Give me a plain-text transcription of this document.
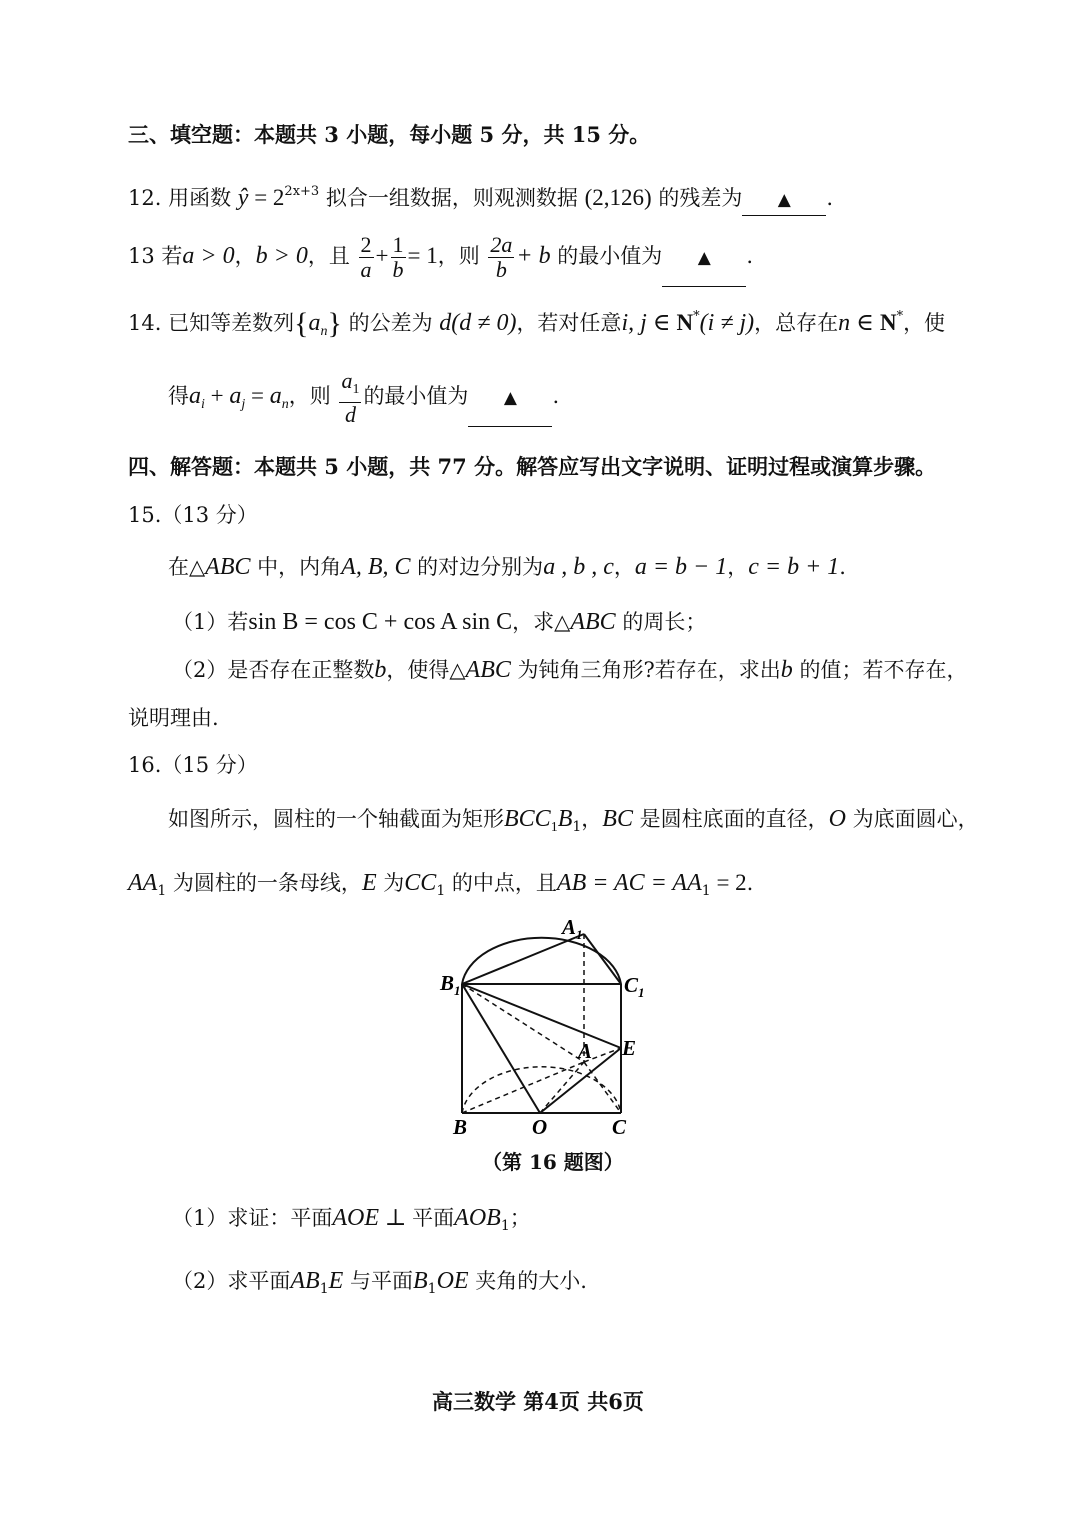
三、填空题：本题共 3 小题，每小题 5 分，共 15 分。
12. 用函数 ŷ = $2^{2x+3}$ 拟合一组数据，则观测数据 (2,126) 的残差为 ▲ .
13 若a > 0，b > 0，且 $\frac{2}{a} + \frac{1}{b} = 1$，则 $\frac{2a}{b} + b$ 的最小值为 ▲ .
14. 已知等差数列$\{a_n\}$ 的公差为 d(d ≠ 0)，若对任意i, j ∈ N*(i ≠ j)，总存在n ∈ N*，使
得$a_i + a_j = a_n$，则 $\frac{a_1}{d}$ 的最小值为 ▲ .
四、解答题：本题共 5 小题，共 77 分。解答应写出文字说明、证明过程或演算步骤。
15.（13 分）
在△ABC 中，内角A, B, C 的对边分别为a , b , c，a = b − 1，c = b + 1.
（1）若sin B = cos C + cos A sin C，求△ABC 的周长；
（2）是否存在正整数b，使得△ABC 为钝角三角形?若存在，求出b 的值；若不存在，
说明理由.
16.（15 分）
如图所示，圆柱的一个轴截面为矩形$BCC_1B_1$，BC 是圆柱底面的直径，O 为底面圆心，
$AA_1$ 为圆柱的一条母线，E 为$CC_1$ 的中点，且AB = AC = $AA_1 = 2$.
$A_1$
$B_1$	$C_1$
A E
B	O	C
（第 16 题图）
（1）求证：平面AOE ⊥ 平面$AOB_1$；
（2）求平面$AB_1E$ 与平面$B_1OE$ 夹角的大小.
高三数学 第4页 共6页
